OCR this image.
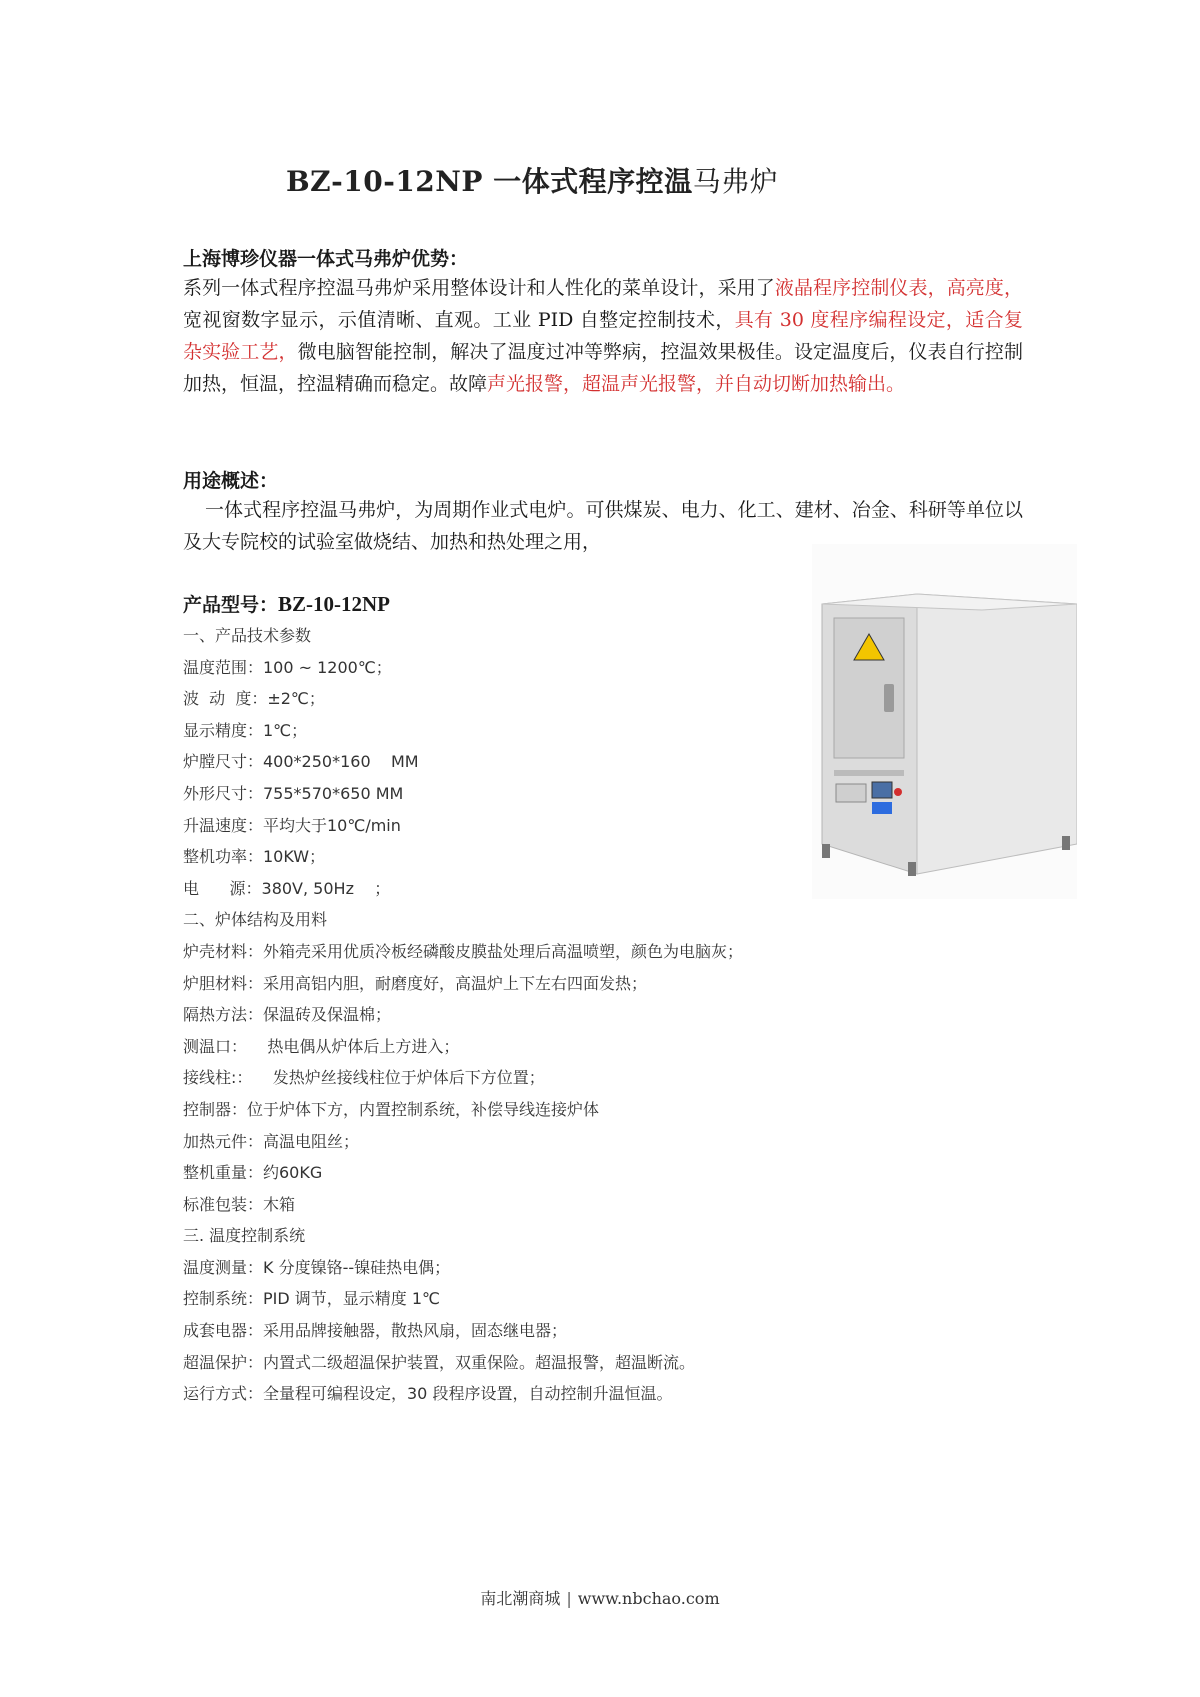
BZ-10-12NP 一体式程序控温马弗炉
上海博珍仪器一体式马弗炉优势：
系列一体式程序控温马弗炉采用整体设计和人性化的菜单设计，采用了液晶程序控制仪表，高亮度，宽视窗数字显示，示值清晰、直观。工业 PID 自整定控制技术，具有 30 度程序编程设定，适合复杂实验工艺，微电脑智能控制，解决了温度过冲等弊病，控温效果极佳。设定温度后，仪表自行控制加热，恒温，控温精确而稳定。故障声光报警，超温声光报警，并自动切断加热输出。
用途概述：
一体式程序控温马弗炉，为周期作业式电炉。可供煤炭、电力、化工、建材、冶金、科研等单位以及大专院校的试验室做烧结、加热和热处理之用，
产品型号：BZ-10-12NP
一、产品技术参数
温度范围：100 ~ 1200℃；
波  动  度：±2℃；
显示精度：1℃；
炉膛尺寸：400*250*160    MM
外形尺寸：755*570*650 MM
升温速度：平均大于10℃/min
整机功率：10KW；
电      源：380V, 50Hz    ；
二、炉体结构及用料
炉壳材料：外箱壳采用优质冷板经磷酸皮膜盐处理后高温喷塑，颜色为电脑灰；
炉胆材料：采用高铝内胆，耐磨度好，高温炉上下左右四面发热；
隔热方法：保温砖及保温棉；
测温口：    热电偶从炉体后上方进入；
接线柱:：    发热炉丝接线柱位于炉体后下方位置；
控制器：位于炉体下方，内置控制系统，补偿导线连接炉体
加热元件：高温电阻丝；
整机重量：约60KG
标准包装：木箱
三. 温度控制系统
温度测量：K 分度镍铬--镍硅热电偶；
控制系统：PID 调节，显示精度 1℃
成套电器：采用品牌接触器，散热风扇，固态继电器；
超温保护：内置式二级超温保护装置，双重保险。超温报警，超温断流。
运行方式：全量程可编程设定，30 段程序设置，自动控制升温恒温。
南北潮商城 | www.nbchao.com
